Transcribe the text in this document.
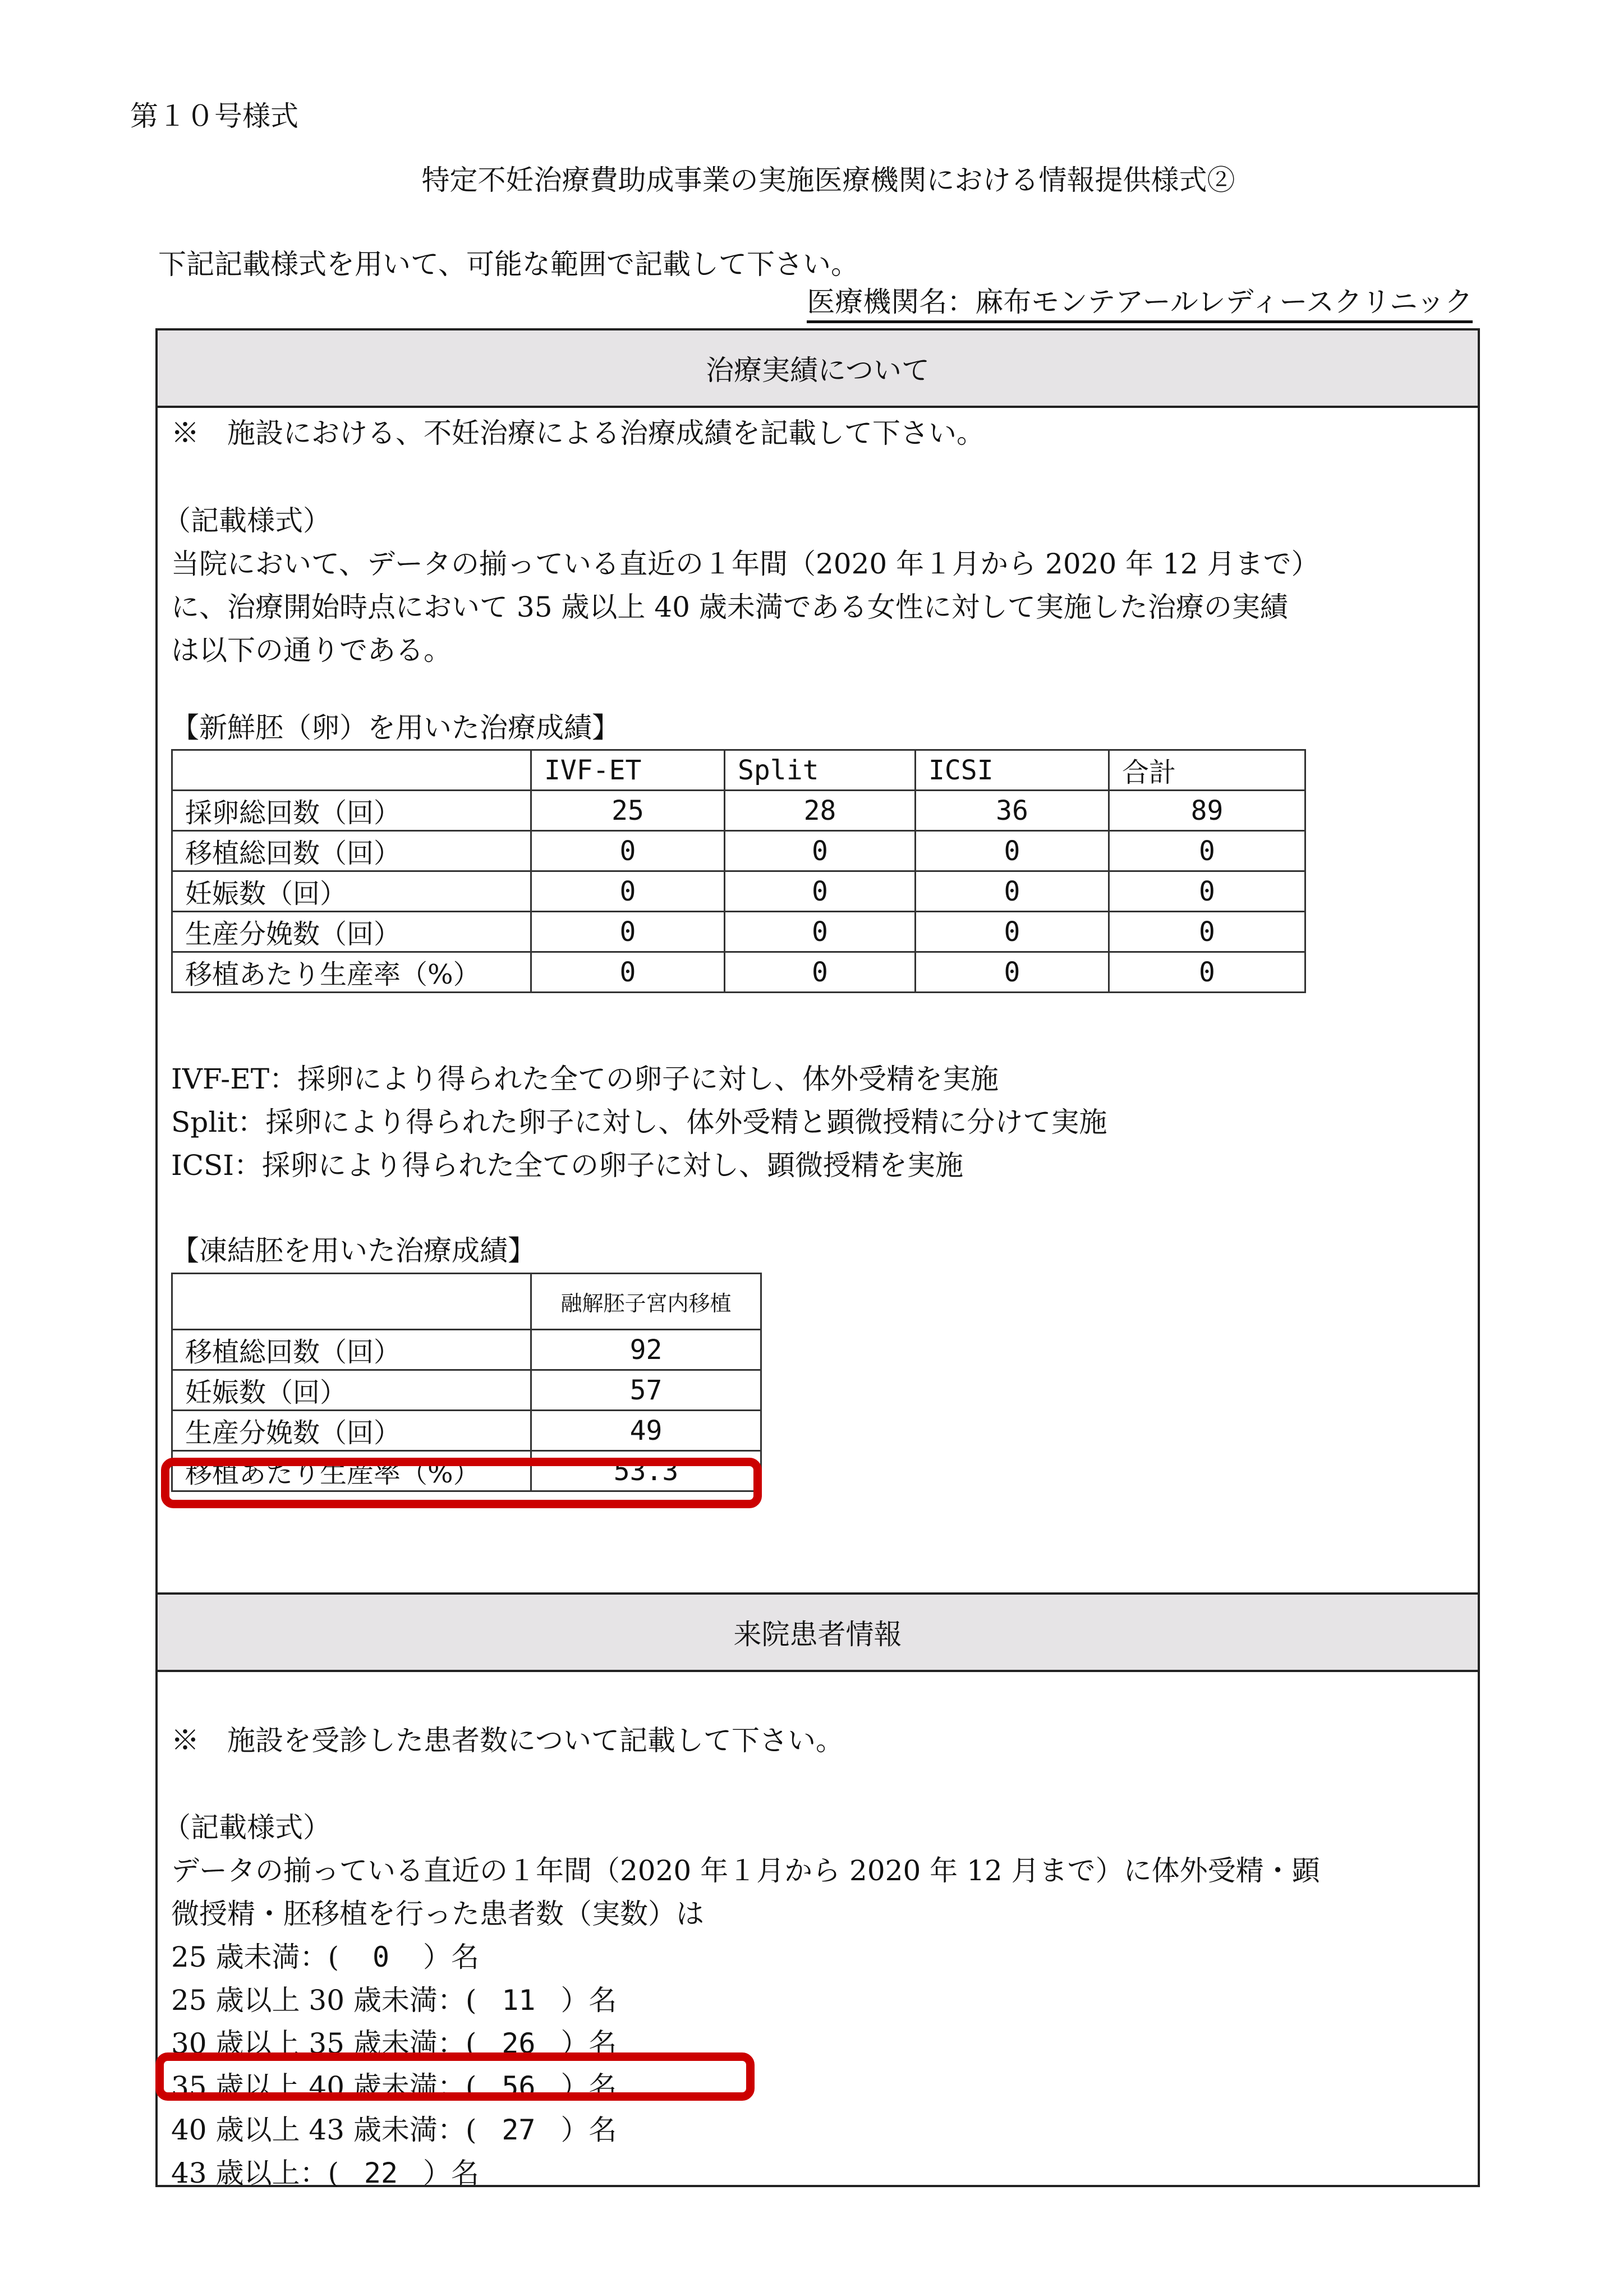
第１０号様式
特定不妊治療費助成事業の実施医療機関における情報提供様式②
下記記載様式を用いて、可能な範囲で記載して下さい。
医療機関名：麻布モンテアールレディースクリニック
治療実績について
※　施設における、不妊治療による治療成績を記載して下さい。
（記載様式）
当院において、データの揃っている直近の１年間（2020 年１月から 2020 年 12 月まで）
に、治療開始時点において 35 歳以上 40 歳未満である女性に対して実施した治療の実績
は以下の通りである。
【新鮮胚（卵）を用いた治療成績】
	IVF-ET	Split	ICSI	合計
採卵総回数（回）	25	28	36	89
移植総回数（回）	0	0	0	0
妊娠数（回）	0	0	0	0
生産分娩数（回）	0	0	0	0
移植あたり生産率（%）	0	0	0	0
IVF-ET：採卵により得られた全ての卵子に対し、体外受精を実施
Split：採卵により得られた卵子に対し、体外受精と顕微授精に分けて実施
ICSI：採卵により得られた全ての卵子に対し、顕微授精を実施
【凍結胚を用いた治療成績】
	融解胚子宮内移植
移植総回数（回）	92
妊娠数（回）	57
生産分娩数（回）	49
移植あたり生産率（%）	53.3
来院患者情報
※　施設を受診した患者数について記載して下さい。
（記載様式）
データの揃っている直近の１年間（2020 年１月から 2020 年 12 月まで）に体外受精・顕
微授精・胚移植を行った患者数（実数）は
25 歳未満：( 0 ）名
25 歳以上 30 歳未満：( 11 ）名
30 歳以上 35 歳未満：( 26 ）名
35 歳以上 40 歳未満：( 56 ）名
40 歳以上 43 歳未満：( 27 ）名
43 歳以上：( 22 ）名
